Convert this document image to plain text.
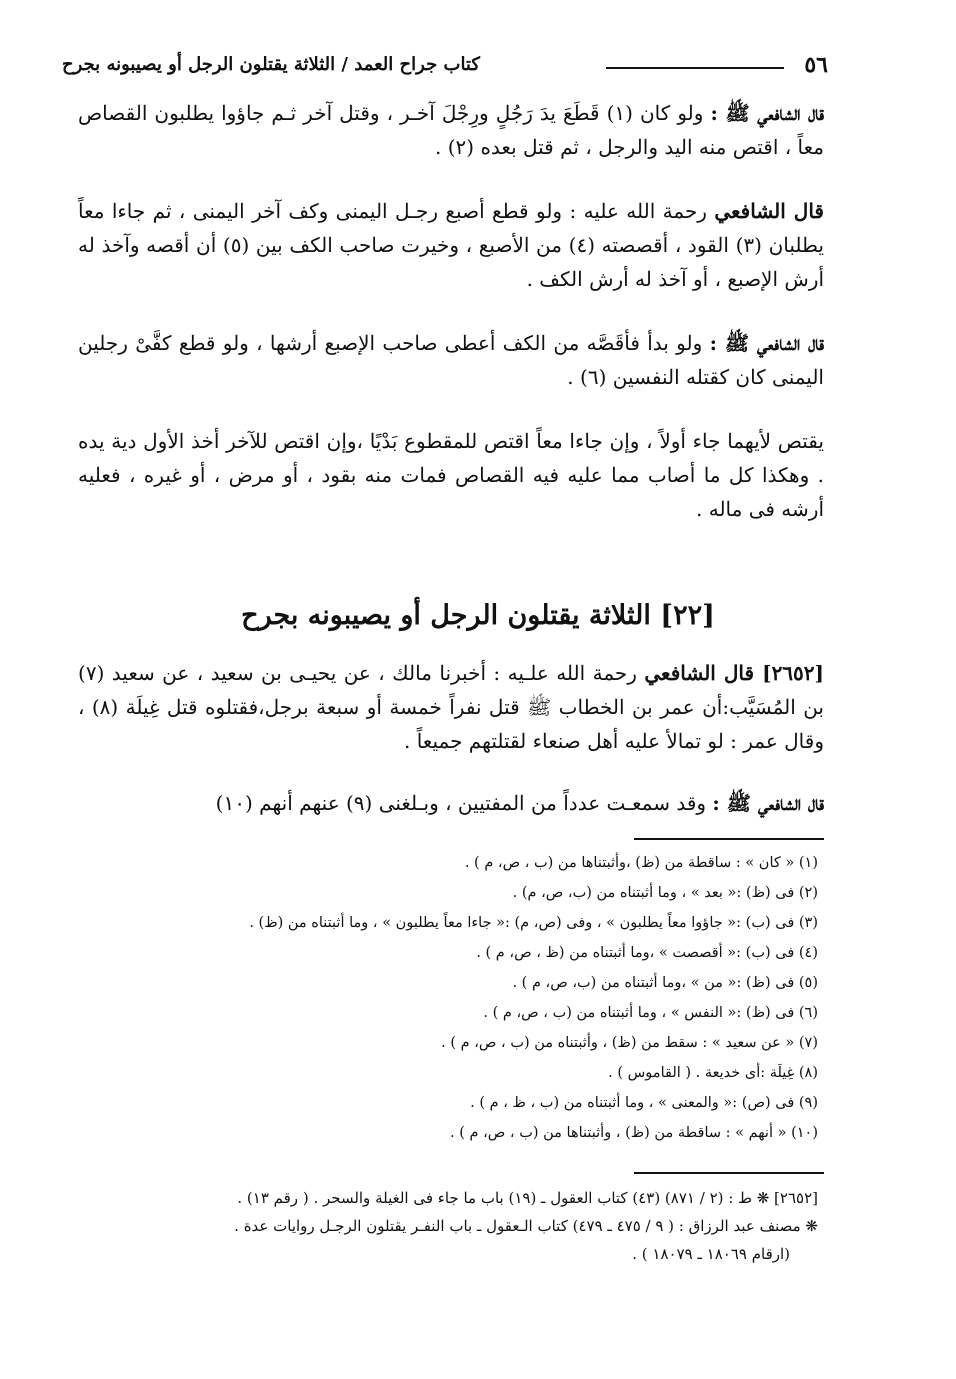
٥٦
كتاب جراح العمد / الثلاثة يقتلون الرجل أو يصيبونه بجرح
قال الشافعي ﷺ : ولو كان (١) قَطَعَ يدَ رَجُلٍ ورِجْلَ آخـر ، وقتل آخر ثـم جاؤوا يطلبون القصاص معاً ، اقتص منه اليد والرجل ، ثم قتل بعده (٢) .
قال الشافعي رحمة الله عليه : ولو قطع أصبع رجـل اليمنى وكف آخر اليمنى ، ثم جاءا معاً يطلبان (٣) القود ، أقصصته (٤) من الأصبع ، وخيرت صاحب الكف بين (٥) أن أقصه وآخذ له أرش الإصبع ، أو آخذ له أرش الكف .
قال الشافعي ﷺ : ولو بدأ فأقَصَّه من الكف أعطى صاحب الإصبع أرشها ، ولو قطع كفَّىْ رجلين اليمنى كان كقتله النفسين (٦) .
يقتص لأيهما جاء أولاً ، وإن جاءا معاً اقتص للمقطوع بَدْيًا ،وإن اقتص للآخر أخذ الأول دية يده . وهكذا كل ما أصاب مما عليه فيه القصاص فمات منه بقود ، أو مرض ، أو غيره ، فعليه أرشه فى ماله .
[٢٢] الثلاثة يقتلون الرجل أو يصيبونه بجرح
[٢٦٥٢] قال الشافعي رحمة الله علـيه : أخبرنا مالك ، عن يحيـى بن سعيد ، عن سعيد (٧) بن المُسَيَّب:أن عمر بن الخطاب ﷺ قتل نفراً خمسة أو سبعة برجل،فقتلوه قتل غِيلَة (٨) ، وقال عمر : لو تمالأ عليه أهل صنعاء لقتلتهم جميعاً .
قال الشافعي ﷺ : وقد سمعـت عدداً من المفتيين ، وبـلغنى (٩) عنهم أنهم (١٠)
(١) « كان » : ساقطة من (ظ) ،وأثبتناها من (ب ، ص، م ) .
(٢) فى (ظ) :« بعد » ، وما أثبتناه من (ب، ص، م) .
(٣) فى (ب) :« جاؤوا معاً يطلبون » ، وفى (ص، م) :« جاءا معاً يطلبون » ، وما أثبتناه من (ظ) .
(٤) فى (ب) :« أقصصت » ،وما أثبتناه من (ظ ، ص، م ) .
(٥) فى (ظ) :« من » ،وما أثبتناه من (ب، ص، م ) .
(٦) فى (ظ) :« النفس » ، وما أثبتناه من (ب ، ص، م ) .
(٧) « عن سعيد » : سقط من (ظ) ، وأثبتناه من (ب ، ص، م ) .
(٨) غِيلَة :أى خديعة . ( القاموس ) .
(٩) فى (ص) :« والمعنى » ، وما أثبتناه من (ب ، ظ ، م ) .
(١٠) « أنهم » : ساقطة من (ظ) ، وأثبتناها من (ب ، ص، م ) .
[٢٦٥٢] ❋ ط : (٢ / ٨٧١) (٤٣) كتاب العقول ـ (١٩) باب ما جاء فى الغيلة والسحر . ( رقم ١٣) .
❋ مصنف عبد الرزاق : ( ٩ / ٤٧٥ ـ ٤٧٩) كتاب الـعقول ـ باب النفـر يقتلون الرجـل روايات عدة .
(ارقام ١٨٠٦٩ ـ ١٨٠٧٩ ) .
